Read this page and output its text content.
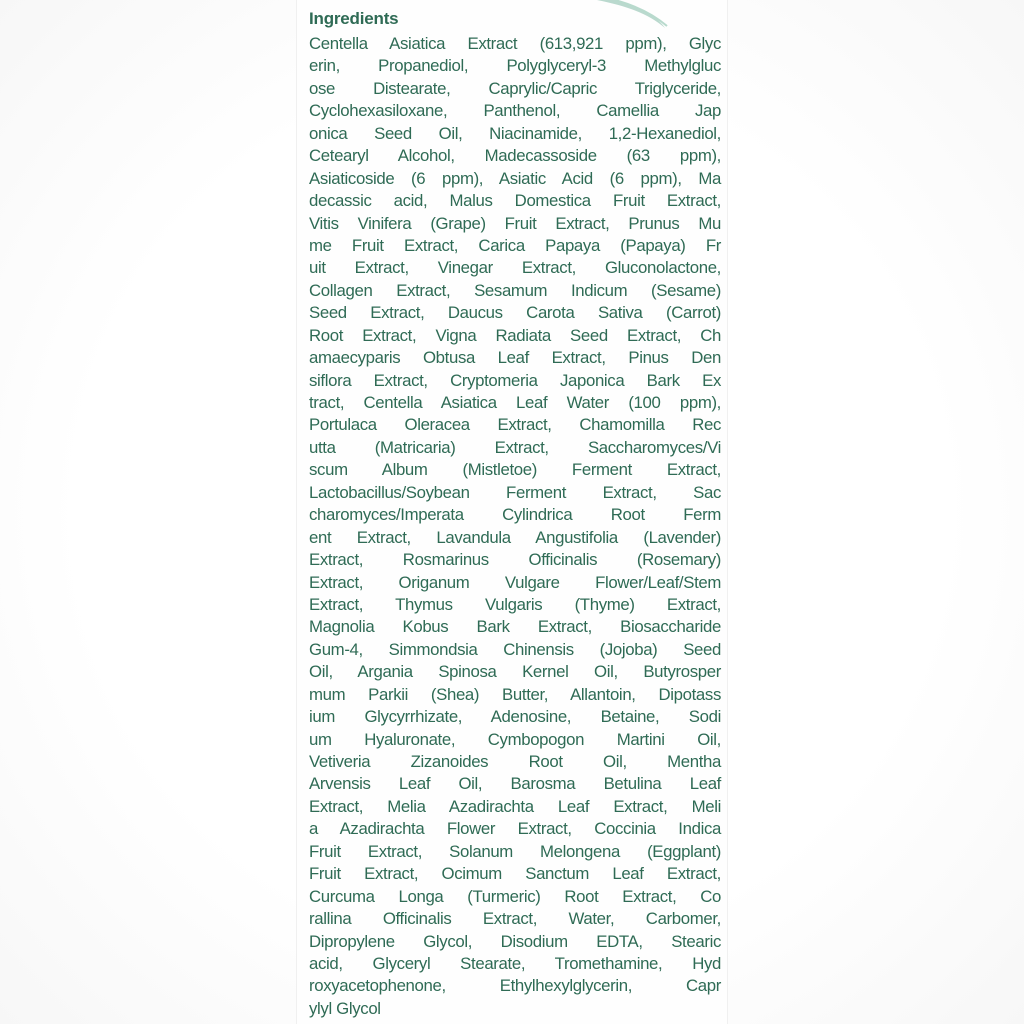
Ingredients
Centella Asiatica Extract (613,921 ppm), Glyc
erin, Propanediol, Polyglyceryl-3 Methylgluc
ose Distearate, Caprylic/Capric Triglyceride,
Cyclohexasiloxane, Panthenol, Camellia Jap
onica Seed Oil, Niacinamide, 1,2-Hexanediol,
Cetearyl Alcohol, Madecassoside (63 ppm),
Asiaticoside (6 ppm), Asiatic Acid (6 ppm), Ma
decassic acid, Malus Domestica Fruit Extract,
Vitis Vinifera (Grape) Fruit Extract, Prunus Mu
me Fruit Extract, Carica Papaya (Papaya) Fr
uit Extract, Vinegar Extract, Gluconolactone,
Collagen Extract, Sesamum Indicum (Sesame)
Seed Extract, Daucus Carota Sativa (Carrot)
Root Extract, Vigna Radiata Seed Extract, Ch
amaecyparis Obtusa Leaf Extract, Pinus Den
siflora Extract, Cryptomeria Japonica Bark Ex
tract, Centella Asiatica Leaf Water (100 ppm),
Portulaca Oleracea Extract, Chamomilla Rec
utta (Matricaria) Extract, Saccharomyces/Vi
scum Album (Mistletoe) Ferment Extract,
Lactobacillus/Soybean Ferment Extract, Sac
charomyces/Imperata Cylindrica Root Ferm
ent Extract, Lavandula Angustifolia (Lavender)
Extract, Rosmarinus Officinalis (Rosemary)
Extract, Origanum Vulgare Flower/Leaf/Stem
Extract, Thymus Vulgaris (Thyme) Extract,
Magnolia Kobus Bark Extract, Biosaccharide
Gum-4, Simmondsia Chinensis (Jojoba) Seed
Oil, Argania Spinosa Kernel Oil, Butyrosper
mum Parkii (Shea) Butter, Allantoin, Dipotass
ium Glycyrrhizate, Adenosine, Betaine, Sodi
um Hyaluronate, Cymbopogon Martini Oil,
Vetiveria Zizanoides Root Oil, Mentha
Arvensis Leaf Oil, Barosma Betulina Leaf
Extract, Melia Azadirachta Leaf Extract, Meli
a Azadirachta Flower Extract, Coccinia Indica
Fruit Extract, Solanum Melongena (Eggplant)
Fruit Extract, Ocimum Sanctum Leaf Extract,
Curcuma Longa (Turmeric) Root Extract, Co
rallina Officinalis Extract, Water, Carbomer,
Dipropylene Glycol, Disodium EDTA, Stearic
acid, Glyceryl Stearate, Tromethamine, Hyd
roxyacetophenone, Ethylhexylglycerin, Capr
ylyl Glycol
